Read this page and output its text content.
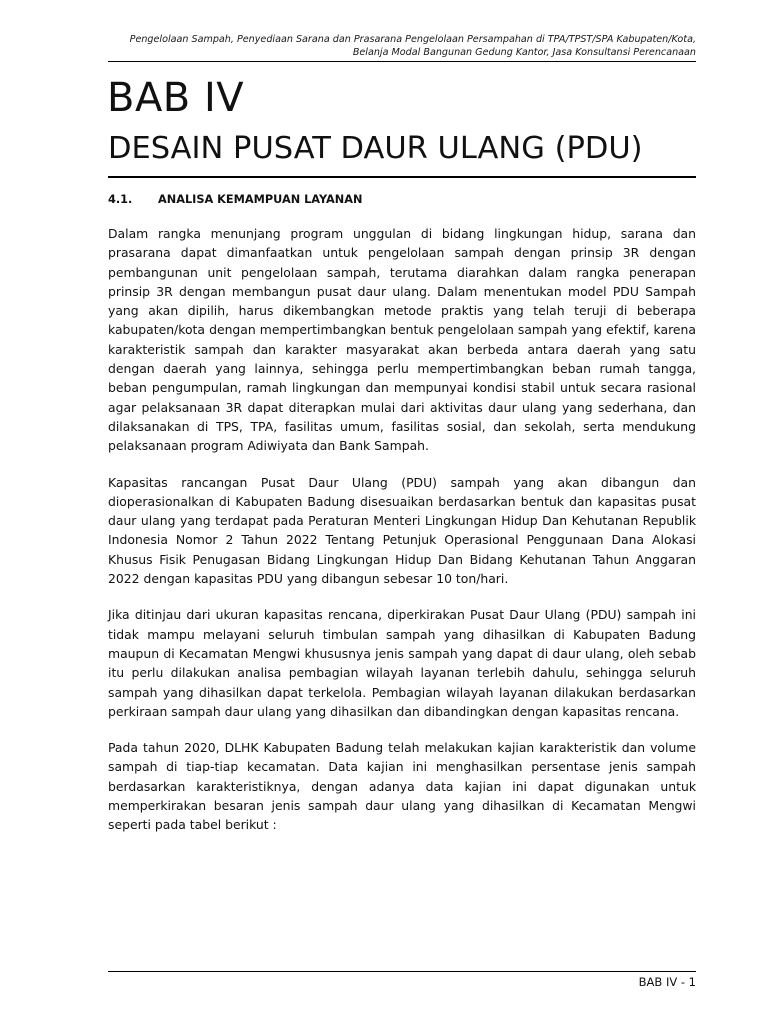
Pengelolaan Sampah, Penyediaan Sarana dan Prasarana Pengelolaan Persampahan di TPA/TPST/SPA Kabupaten/Kota,
Belanja Modal Bangunan Gedung Kantor, Jasa Konsultansi Perencanaan
BAB IV
DESAIN PUSAT DAUR ULANG (PDU)
4.1. ANALISA KEMAMPUAN LAYANAN

Dalam rangka menunjang program unggulan di bidang lingkungan hidup, sarana dan prasarana dapat dimanfaatkan untuk pengelolaan sampah dengan prinsip 3R dengan pembangunan unit pengelolaan sampah, terutama diarahkan dalam rangka penerapan prinsip 3R dengan membangun pusat daur ulang. Dalam menentukan model PDU Sampah yang akan dipilih, harus dikembangkan metode praktis yang telah teruji di beberapa kabupaten/kota dengan mempertimbangkan bentuk pengelolaan sampah yang efektif, karena karakteristik sampah dan karakter masyarakat akan berbeda antara daerah yang satu dengan daerah yang lainnya, sehingga perlu mempertimbangkan beban rumah tangga, beban pengumpulan, ramah lingkungan dan mempunyai kondisi stabil untuk secara rasional agar pelaksanaan 3R dapat diterapkan mulai dari aktivitas daur ulang yang sederhana, dan dilaksanakan di TPS, TPA, fasilitas umum, fasilitas sosial, dan sekolah, serta mendukung pelaksanaan program Adiwiyata dan Bank Sampah.

Kapasitas rancangan Pusat Daur Ulang (PDU) sampah yang akan dibangun dan dioperasionalkan di Kabupaten Badung disesuaikan berdasarkan bentuk dan kapasitas pusat daur ulang yang terdapat pada Peraturan Menteri Lingkungan Hidup Dan Kehutanan Republik Indonesia Nomor 2 Tahun 2022 Tentang Petunjuk Operasional Penggunaan Dana Alokasi Khusus Fisik Penugasan Bidang Lingkungan Hidup Dan Bidang Kehutanan Tahun Anggaran 2022 dengan kapasitas PDU yang dibangun sebesar 10 ton/hari.

Jika ditinjau dari ukuran kapasitas rencana, diperkirakan Pusat Daur Ulang (PDU) sampah ini tidak mampu melayani seluruh timbulan sampah yang dihasilkan di Kabupaten Badung maupun di Kecamatan Mengwi khususnya jenis sampah yang dapat di daur ulang, oleh sebab itu perlu dilakukan analisa pembagian wilayah layanan terlebih dahulu, sehingga seluruh sampah yang dihasilkan dapat terkelola. Pembagian wilayah layanan dilakukan berdasarkan perkiraan sampah daur ulang yang dihasilkan dan dibandingkan dengan kapasitas rencana.

Pada tahun 2020, DLHK Kabupaten Badung telah melakukan kajian karakteristik dan volume sampah di tiap-tiap kecamatan. Data kajian ini menghasilkan persentase jenis sampah berdasarkan karakteristiknya, dengan adanya data kajian ini dapat digunakan untuk memperkirakan besaran jenis sampah daur ulang yang dihasilkan di Kecamatan Mengwi seperti pada tabel berikut :

BAB IV - 1
